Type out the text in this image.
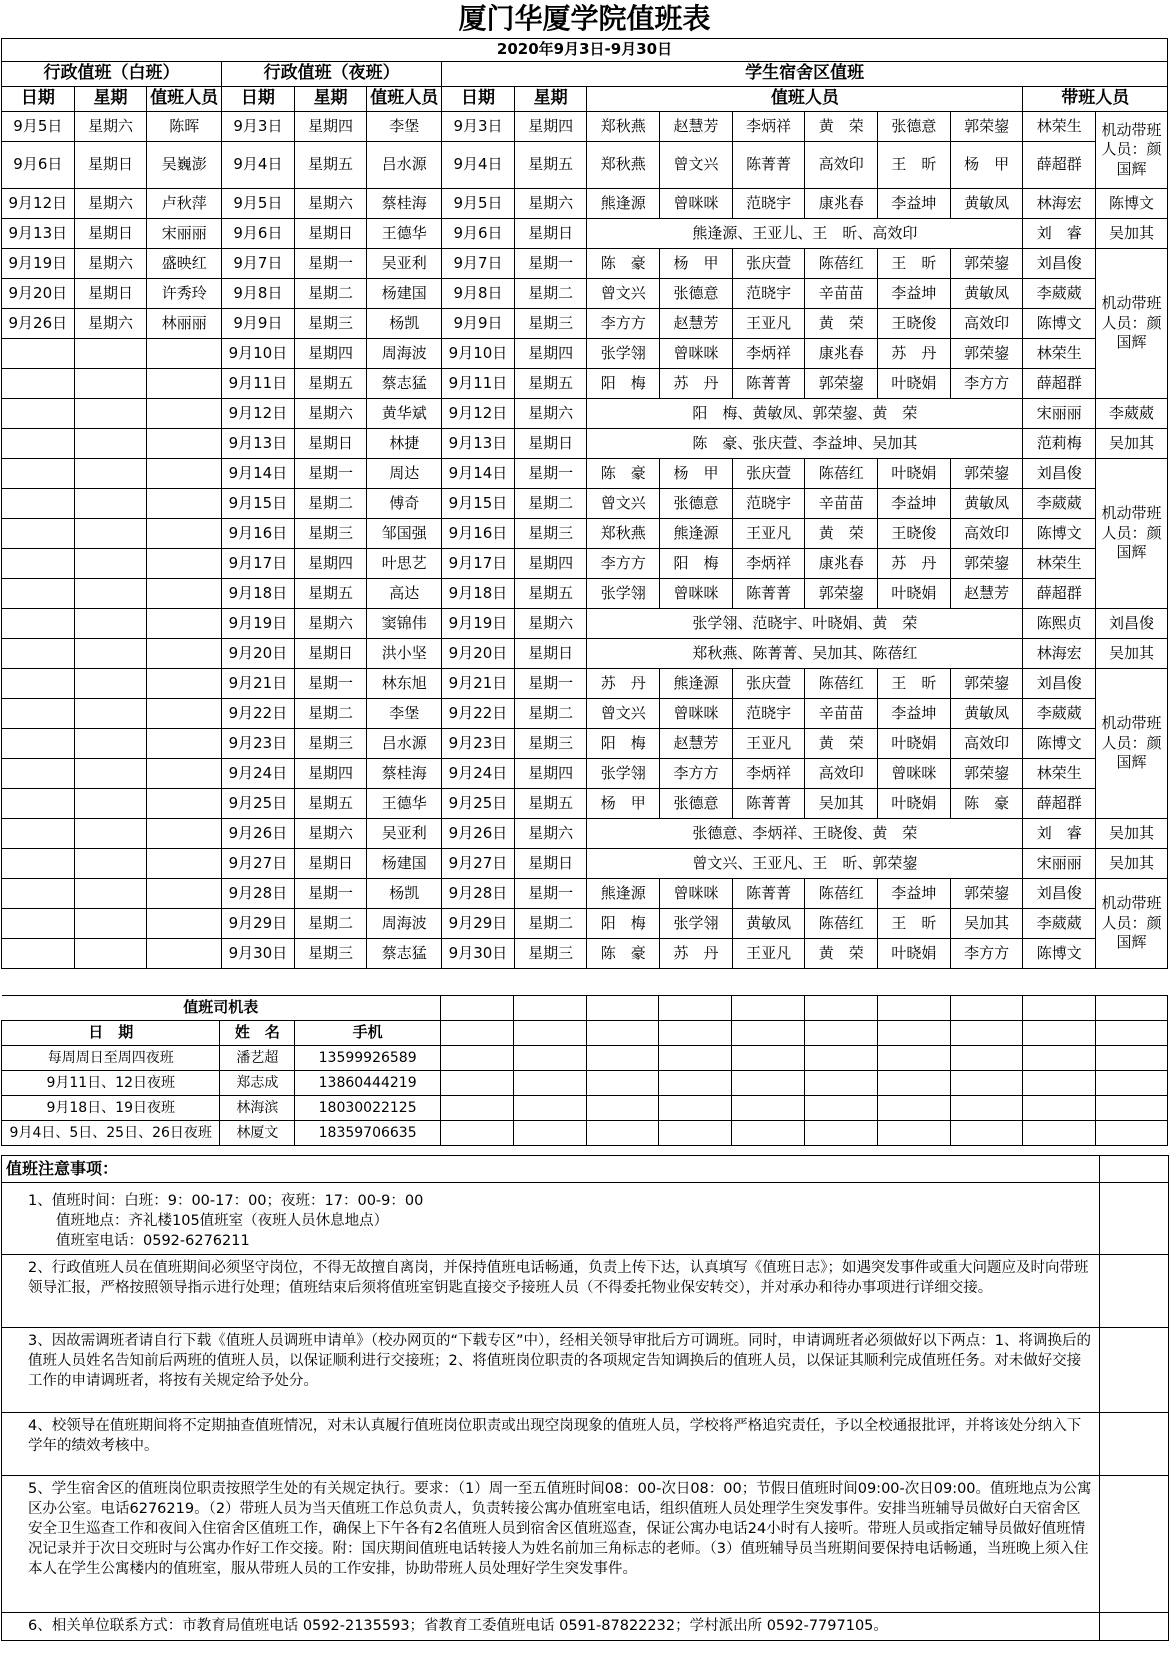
厦门华厦学院值班表
2020年9月3日-9月30日															
行政值班（白班）			行政值班（夜班）			学生宿舍区值班									
日期	星期	值班人员	日期	星期	值班人员	日期	星期	值班人员						带班人员	
9月5日	星期六	陈晖	9月3日	星期四	李堡	9月3日	星期四	郑秋燕	赵慧芳	李炳祥	黄　荣	张德意	郭荣鋆	林荣生	机动带班人员：颜国辉
9月6日	星期日	吴巍澎	9月4日	星期五	吕水源	9月4日	星期五	郑秋燕	曾文兴	陈菁菁	高效印	王　昕	杨　甲	薛超群	
9月12日	星期六	卢秋萍	9月5日	星期六	蔡桂海	9月5日	星期六	熊逢源	曾咪咪	范晓宇	康兆春	李益坤	黄敏凤	林海宏	陈博文
9月13日	星期日	宋丽丽	9月6日	星期日	王德华	9月6日	星期日	熊逢源、王亚儿、王　昕、高效印						刘　睿	吴加其
9月19日	星期六	盛映红	9月7日	星期一	吴亚利	9月7日	星期一	陈　豪	杨　甲	张庆萱	陈蓓红	王　昕	郭荣鋆	刘昌俊	机动带班人员：颜国辉
9月20日	星期日	许秀玲	9月8日	星期二	杨建国	9月8日	星期二	曾文兴	张德意	范晓宇	辛苗苗	李益坤	黄敏凤	李葳葳	
9月26日	星期六	林丽丽	9月9日	星期三	杨凯	9月9日	星期三	李方方	赵慧芳	王亚凡	黄　荣	王晓俊	高效印	陈博文	
			9月10日	星期四	周海波	9月10日	星期四	张学翎	曾咪咪	李炳祥	康兆春	苏　丹	郭荣鋆	林荣生	
			9月11日	星期五	蔡志猛	9月11日	星期五	阳　梅	苏　丹	陈菁菁	郭荣鋆	叶晓娟	李方方	薛超群	
			9月12日	星期六	黄华斌	9月12日	星期六	阳　梅、黄敏凤、郭荣鋆、黄　荣						宋丽丽	李葳葳
			9月13日	星期日	林捷	9月13日	星期日	陈　豪、张庆萱、李益坤、吴加其						范莉梅	吴加其
			9月14日	星期一	周达	9月14日	星期一	陈　豪	杨　甲	张庆萱	陈蓓红	叶晓娟	郭荣鋆	刘昌俊	机动带班人员：颜国辉
			9月15日	星期二	傅奇	9月15日	星期二	曾文兴	张德意	范晓宇	辛苗苗	李益坤	黄敏凤	李葳葳	
			9月16日	星期三	邹国强	9月16日	星期三	郑秋燕	熊逢源	王亚凡	黄　荣	王晓俊	高效印	陈博文	
			9月17日	星期四	叶思艺	9月17日	星期四	李方方	阳　梅	李炳祥	康兆春	苏　丹	郭荣鋆	林荣生	
			9月18日	星期五	高达	9月18日	星期五	张学翎	曾咪咪	陈菁菁	郭荣鋆	叶晓娟	赵慧芳	薛超群	
			9月19日	星期六	窦锦伟	9月19日	星期六	张学翎、范晓宇、叶晓娟、黄　荣						陈熙贞	刘昌俊
			9月20日	星期日	洪小坚	9月20日	星期日	郑秋燕、陈菁菁、吴加其、陈蓓红						林海宏	吴加其
			9月21日	星期一	林东旭	9月21日	星期一	苏　丹	熊逢源	张庆萱	陈蓓红	王　昕	郭荣鋆	刘昌俊	机动带班人员：颜国辉
			9月22日	星期二	李堡	9月22日	星期二	曾文兴	曾咪咪	范晓宇	辛苗苗	李益坤	黄敏凤	李葳葳	
			9月23日	星期三	吕水源	9月23日	星期三	阳　梅	赵慧芳	王亚凡	黄　荣	叶晓娟	高效印	陈博文	
			9月24日	星期四	蔡桂海	9月24日	星期四	张学翎	李方方	李炳祥	高效印	曾咪咪	郭荣鋆	林荣生	
			9月25日	星期五	王德华	9月25日	星期五	杨　甲	张德意	陈菁菁	吴加其	叶晓娟	陈　豪	薛超群	
			9月26日	星期六	吴亚利	9月26日	星期六	张德意、李炳祥、王晓俊、黄　荣						刘　睿	吴加其
			9月27日	星期日	杨建国	9月27日	星期日	曾文兴、王亚凡、王　昕、郭荣鋆						宋丽丽	吴加其
			9月28日	星期一	杨凯	9月28日	星期一	熊逢源	曾咪咪	陈菁菁	陈蓓红	李益坤	郭荣鋆	刘昌俊	机动带班人员：颜国辉
			9月29日	星期二	周海波	9月29日	星期二	阳　梅	张学翎	黄敏凤	陈蓓红	王　昕	吴加其	李葳葳	
			9月30日	星期三	蔡志猛	9月30日	星期三	陈　豪	苏　丹	王亚凡	黄　荣	叶晓娟	李方方	陈博文	
值班司机表												
日　期	姓　名	手机										
每周周日至周四夜班	潘艺超	13599926589										
9月11日、12日夜班	郑志成	13860444219										
9月18日、19日夜班	林海滨	18030022125										
9月4日、5日、25日、26日夜班	林厦文	18359706635										
值班注意事项：	
1、值班时间：白班：9：00-17：00；夜班：17：00-9：00

值班地点：齐礼楼105值班室（夜班人员休息地点）
值班室电话：0592-6276211	

2、行政值班人员在值班期间必须坚守岗位，不得无故擅自离岗，并保持值班电话畅通，负责上传下达，认真填写《值班日志》；如遇突发事件或重大问题应及时向带班领导汇报，严格按照领导指示进行处理；值班结束后须将值班室钥匙直接交予接班人员（不得委托物业保安转交），并对承办和待办事项进行详细交接。	
3、因故需调班者请自行下载《值班人员调班申请单》（校办网页的“下载专区”中），经相关领导审批后方可调班。同时，申请调班者必须做好以下两点：1、将调换后的值班人员姓名告知前后两班的值班人员，以保证顺利进行交接班；2、将值班岗位职责的各项规定告知调换后的值班人员，以保证其顺利完成值班任务。对未做好交接工作的申请调班者，将按有关规定给予处分。	
4、校领导在值班期间将不定期抽查值班情况，对未认真履行值班岗位职责或出现空岗现象的值班人员，学校将严格追究责任，予以全校通报批评，并将该处分纳入下学年的绩效考核中。	
5、学生宿舍区的值班岗位职责按照学生处的有关规定执行。要求：（1）周一至五值班时间08：00-次日08：00；节假日值班时间09:00-次日09:00。值班地点为公寓区办公室。电话6276219。（2）带班人员为当天值班工作总负责人，负责转接公寓办值班室电话，组织值班人员处理学生突发事件。安排当班辅导员做好白天宿舍区安全卫生巡查工作和夜间入住宿舍区值班工作，确保上下午各有2名值班人员到宿舍区值班巡查，保证公寓办电话24小时有人接听。带班人员或指定辅导员做好值班情况记录并于次日交班时与公寓办作好工作交接。附：国庆期间值班电话转接人为姓名前加三角标志的老师。（3）值班辅导员当班期间要保持电话畅通，当班晚上须入住本人在学生公寓楼内的值班室，服从带班人员的工作安排，协助带班人员处理好学生突发事件。	
6、相关单位联系方式：市教育局值班电话 0592-2135593；省教育工委值班电话 0591-87822232；学村派出所 0592-7797105。	
